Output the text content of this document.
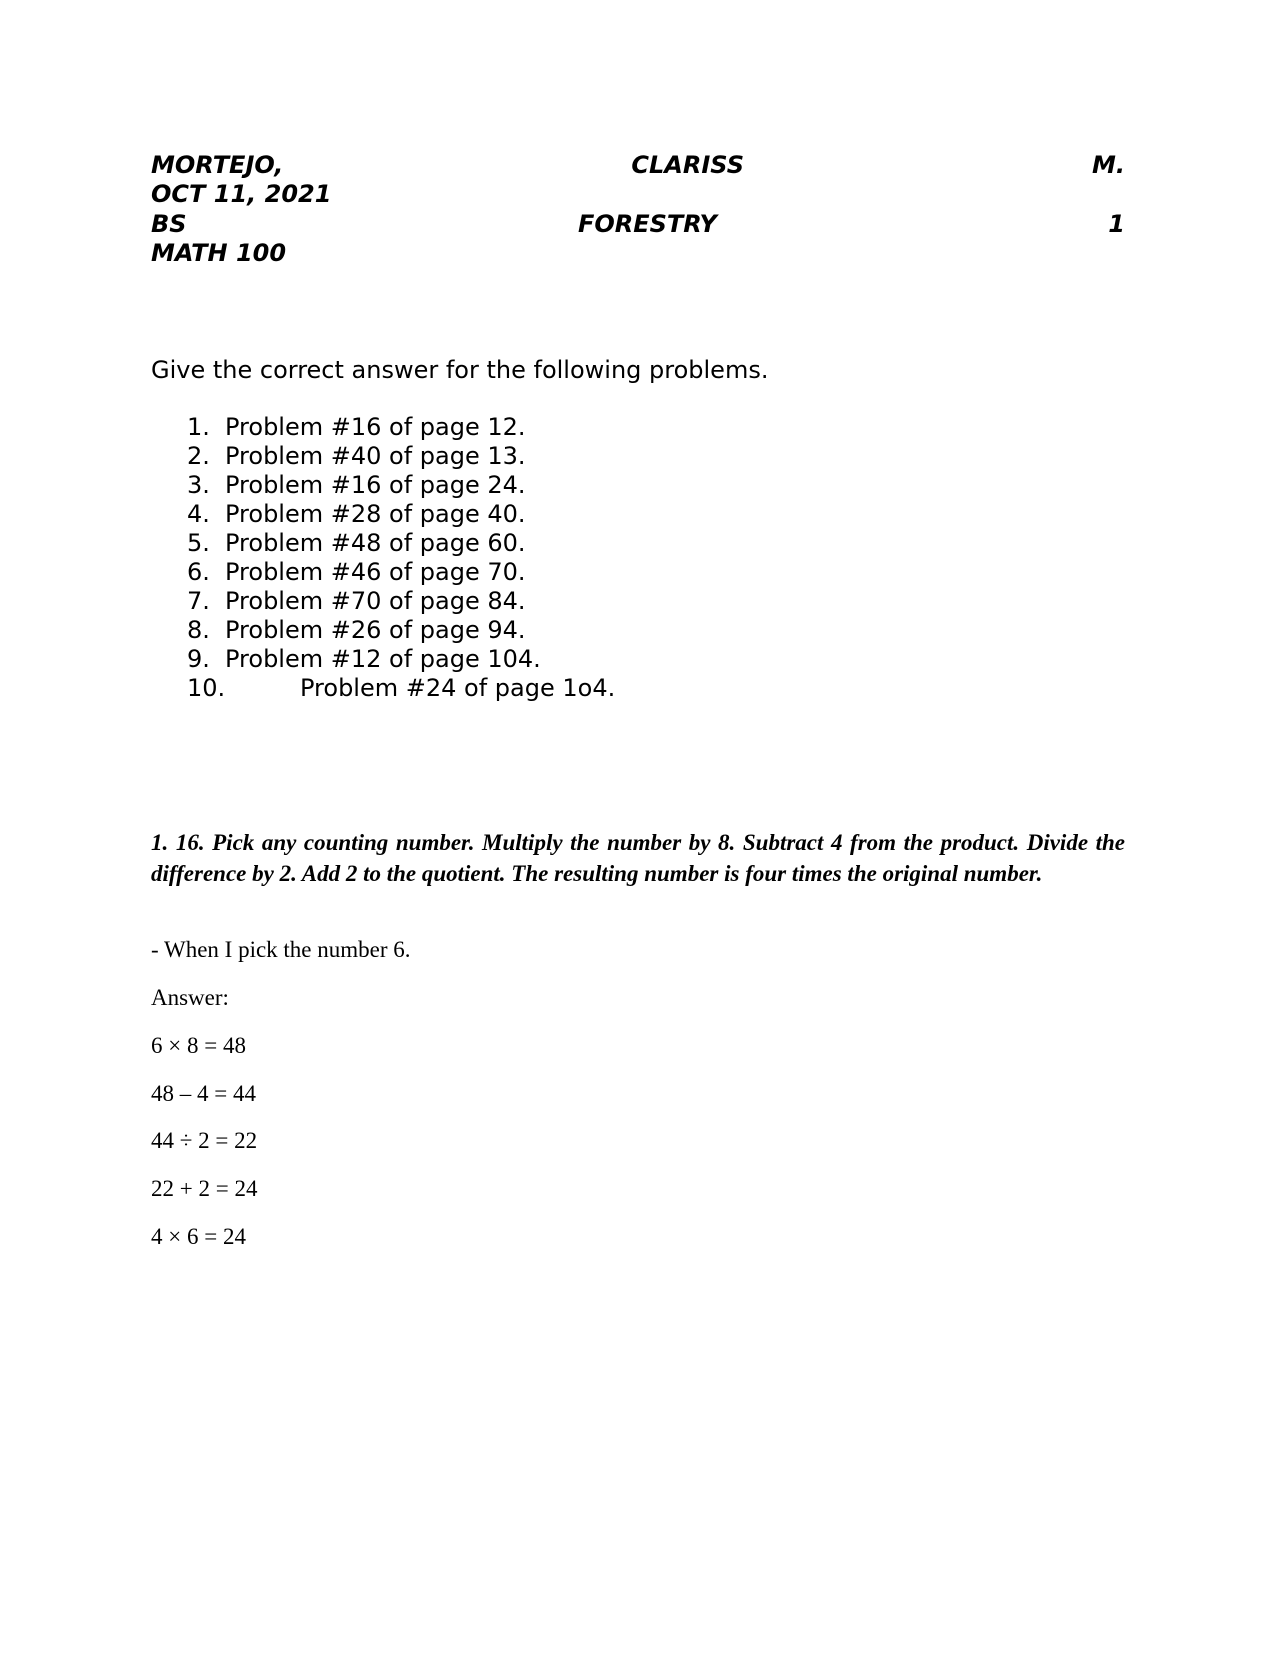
MORTEJO,	CLARISS	M.
OCT 11, 2021
BS	FORESTRY	1
MATH 100
Give the correct answer for the following problems.
1. Problem #16 of page 12.
2. Problem #40 of page 13.
3. Problem #16 of page 24.
4. Problem #28 of page 40.
5. Problem #48 of page 60.
6. Problem #46 of page 70.
7. Problem #70 of page 84.
8. Problem #26 of page 94.
9. Problem #12 of page 104.
10.	Problem #24 of page 1o4.

1. 16. Pick any counting number. Multiply the number by 8. Subtract 4 from the product. Divide the difference by 2. Add 2 to the quotient. The resulting number is four times the original number.

- When I pick the number 6.
Answer:
6 × 8 = 48
48 – 4 = 44
44 ÷ 2 = 22
22 + 2 = 24
4 × 6 = 24
